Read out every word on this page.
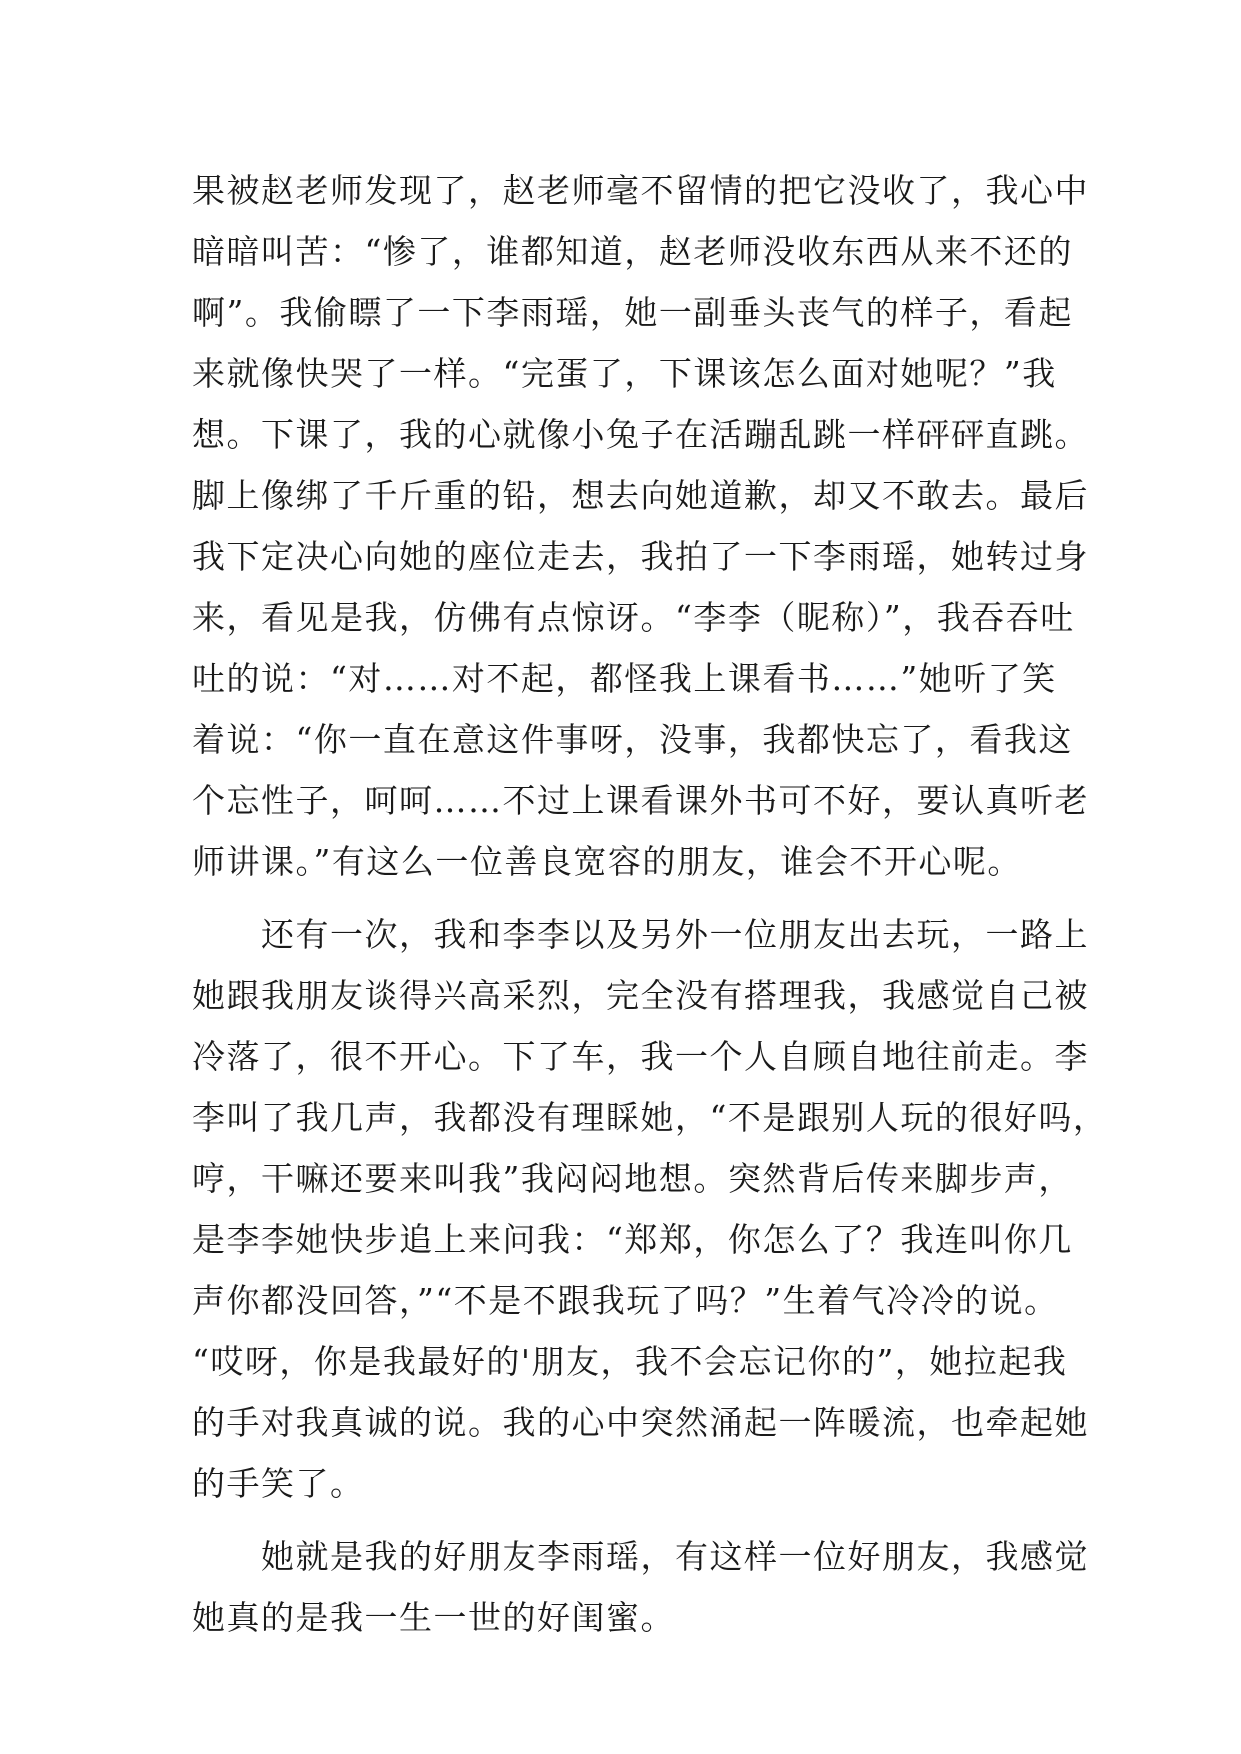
果被赵老师发现了，赵老师毫不留情的把它没收了，我心中
暗暗叫苦：“惨了，谁都知道，赵老师没收东西从来不还的
啊”。我偷瞟了一下李雨瑶，她一副垂头丧气的样子，看起
来就像快哭了一样。“完蛋了，下课该怎么面对她呢？”我
想。下课了，我的心就像小兔子在活蹦乱跳一样砰砰直跳。
脚上像绑了千斤重的铅，想去向她道歉，却又不敢去。最后
我下定决心向她的座位走去，我拍了一下李雨瑶，她转过身
来，看见是我，仿佛有点惊讶。“李李（昵称）”，我吞吞吐
吐的说：“对……对不起，都怪我上课看书……”她听了笑
着说：“你一直在意这件事呀，没事，我都快忘了，看我这
个忘性子，呵呵……不过上课看课外书可不好，要认真听老
师讲课。”有这么一位善良宽容的朋友，谁会不开心呢。
　　还有一次，我和李李以及另外一位朋友出去玩，一路上
她跟我朋友谈得兴高采烈，完全没有搭理我，我感觉自己被
冷落了，很不开心。下了车，我一个人自顾自地往前走。李
李叫了我几声，我都没有理睬她，“不是跟别人玩的很好吗，
哼，干嘛还要来叫我”我闷闷地想。突然背后传来脚步声，
是李李她快步追上来问我：“郑郑，你怎么了？我连叫你几
声你都没回答，”“不是不跟我玩了吗？”生着气冷冷的说。
“哎呀，你是我最好的'朋友，我不会忘记你的”，她拉起我
的手对我真诚的说。我的心中突然涌起一阵暖流，也牵起她
的手笑了。
　　她就是我的好朋友李雨瑶，有这样一位好朋友，我感觉
她真的是我一生一世的好闺蜜。
